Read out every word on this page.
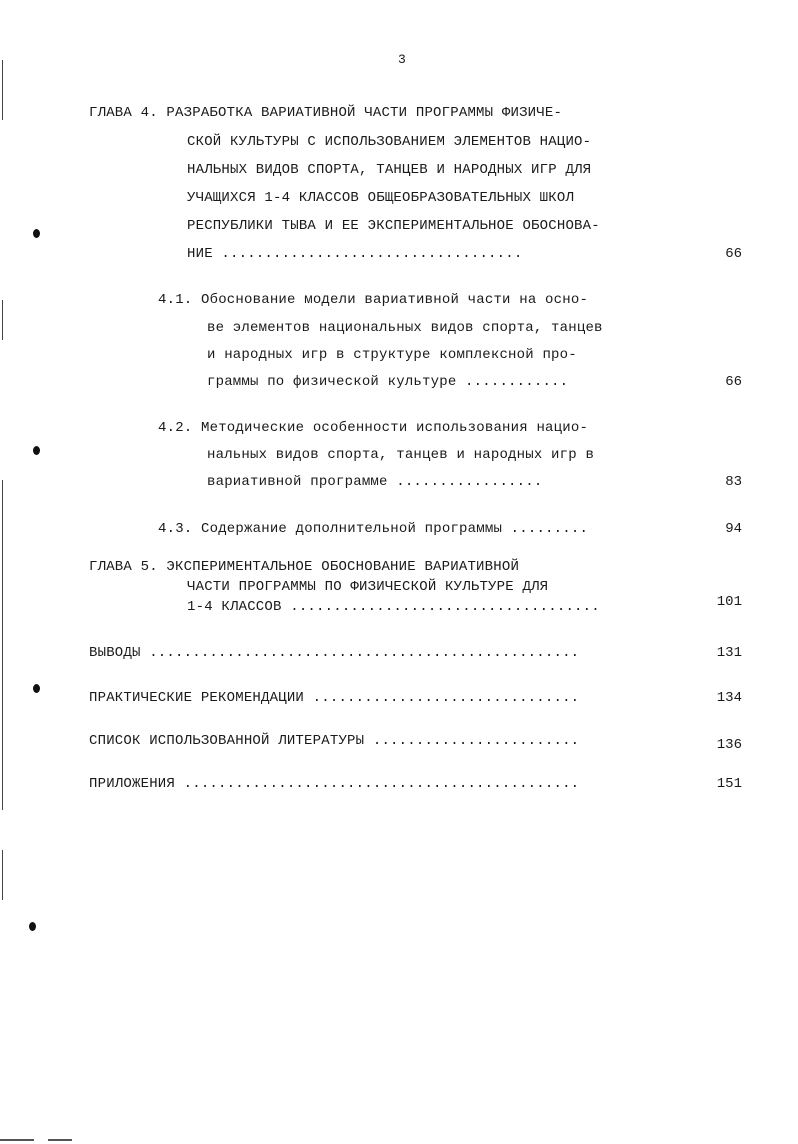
3
ГЛАВА 4. РАЗРАБОТКА ВАРИАТИВНОЙ ЧАСТИ ПРОГРАММЫ ФИЗИЧЕ-
СКОЙ КУЛЬТУРЫ С ИСПОЛЬЗОВАНИЕМ ЭЛЕМЕНТОВ НАЦИО-
НАЛЬНЫХ ВИДОВ СПОРТА, ТАНЦЕВ И НАРОДНЫХ ИГР ДЛЯ
УЧАЩИХСЯ 1-4 КЛАССОВ ОБЩЕОБРАЗОВАТЕЛЬНЫХ ШКОЛ
РЕСПУБЛИКИ ТЫВА И ЕЕ ЭКСПЕРИМЕНТАЛЬНОЕ ОБОСНОВА-
НИЕ ...................................	66
4.1. Обоснование модели вариативной части на осно-
ве элементов национальных видов спорта, танцев
и народных игр в структуре комплексной про-
граммы по физической культуре ............	66
4.2. Методические особенности использования нацио-
нальных видов спорта, танцев и народных игр в
вариативной программе .................	83
4.3. Содержание дополнительной программы .........	94
ГЛАВА 5. ЭКСПЕРИМЕНТАЛЬНОЕ ОБОСНОВАНИЕ ВАРИАТИВНОЙ
ЧАСТИ ПРОГРАММЫ ПО ФИЗИЧЕСКОЙ КУЛЬТУРЕ ДЛЯ
1-4 КЛАССОВ ....................................	101
ВЫВОДЫ ..................................................	131
ПРАКТИЧЕСКИЕ РЕКОМЕНДАЦИИ ...............................	134
СПИСОК ИСПОЛЬЗОВАННОЙ ЛИТЕРАТУРЫ ........................	136
ПРИЛОЖЕНИЯ ..............................................	151
